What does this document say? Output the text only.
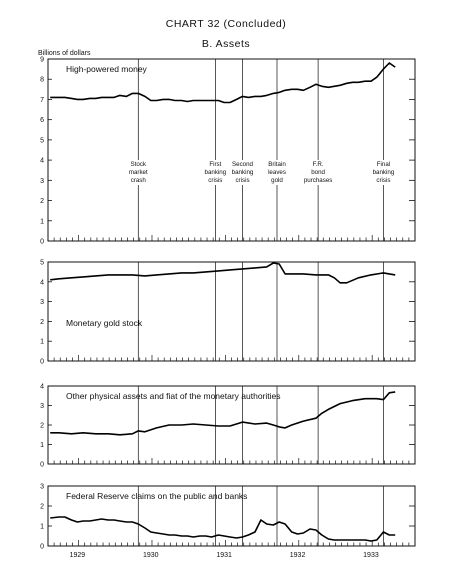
CHART 32 (Concluded)
B. Assets
Billions of dollars
0
1
2
3
4
5
6
7
8
9
High-powered money
Stock market crash
First banking crisis
Second banking crisis
Britain leaves gold
F.R. bond purchases
Final banking crisis
0
1
2
3
4
5
Monetary gold stock
0
1
2
3
4
Other physical assets and fiat of the monetary authorities
0
1
2
3
Federal Reserve claims on the public and banks
1929	1930	1931	1932	1933
